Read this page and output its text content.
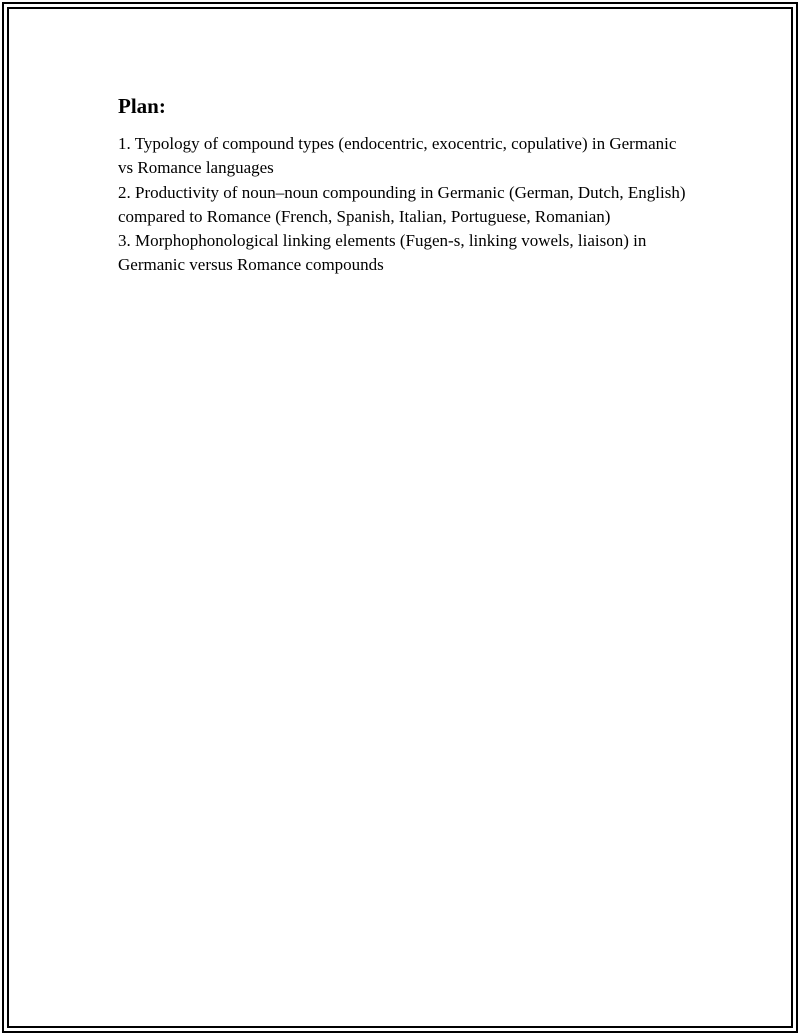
Plan:
1. Typology of compound types (endocentric, exocentric, copulative) in Germanic vs Romance languages
2. Productivity of noun–noun compounding in Germanic (German, Dutch, English) compared to Romance (French, Spanish, Italian, Portuguese, Romanian)
3. Morphophonological linking elements (Fugen-s, linking vowels, liaison) in Germanic versus Romance compounds
